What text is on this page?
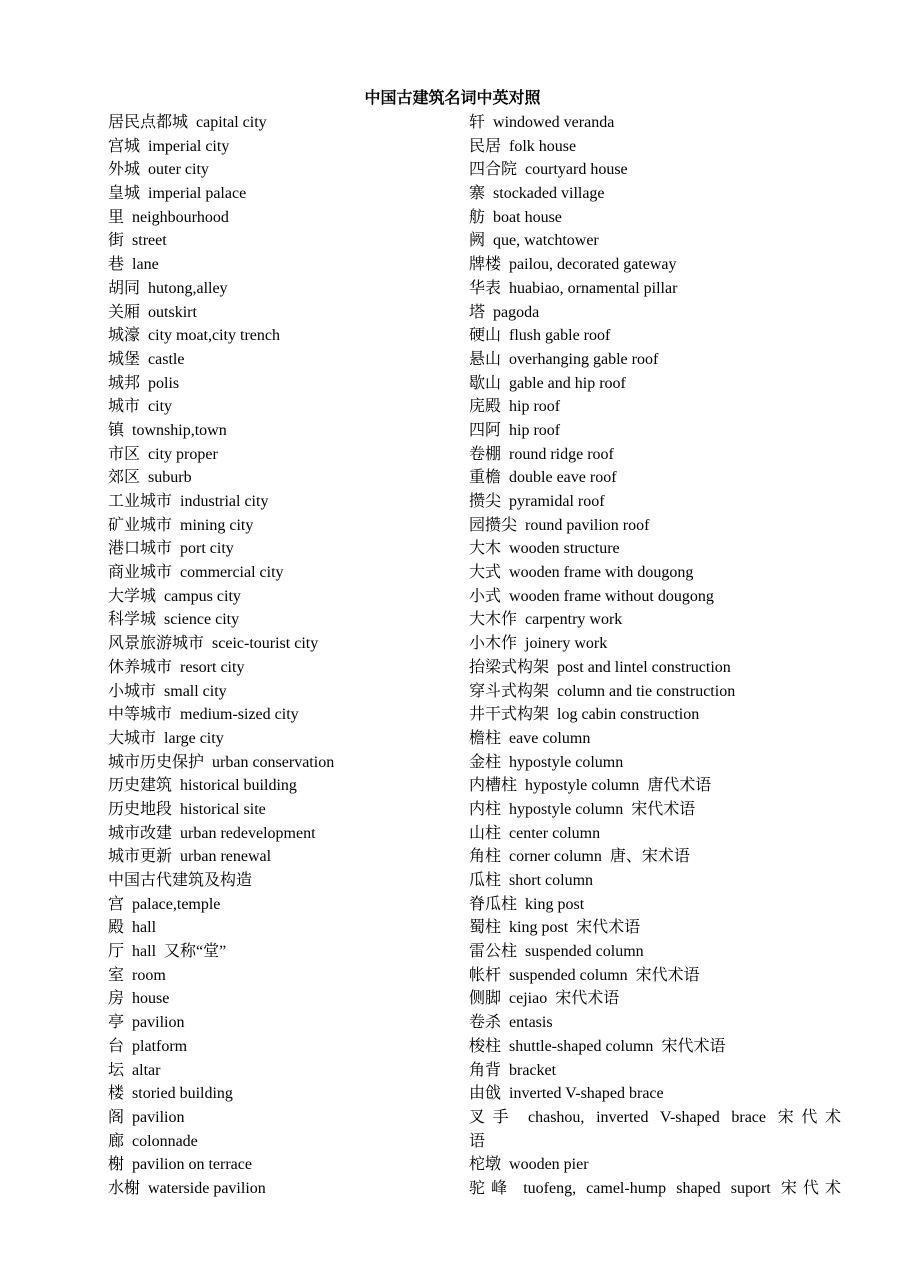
中国古建筑名词中英对照
居民点都城 capital city
宫城 imperial city
外城 outer city
皇城 imperial palace
里 neighbourhood
街 street
巷 lane
胡同 hutong,alley
关厢 outskirt
城濠 city moat,city trench
城堡 castle
城邦 polis
城市 city
镇 township,town
市区 city proper
郊区 suburb
工业城市 industrial city
矿业城市 mining city
港口城市 port city
商业城市 commercial city
大学城 campus city
科学城 science city
风景旅游城市 sceic-tourist city
休养城市 resort city
小城市 small city
中等城市 medium-sized city
大城市 large city
城市历史保护 urban conservation
历史建筑 historical building
历史地段 historical site
城市改建 urban redevelopment
城市更新 urban renewal
中国古代建筑及构造
宫 palace,temple
殿 hall
厅 hall 又称“堂”
室 room
房 house
亭 pavilion
台 platform
坛 altar
楼 storied building
阁 pavilion
廊 colonnade
榭 pavilion on terrace
水榭 waterside pavilion
轩 windowed veranda
民居 folk house
四合院 courtyard house
寨 stockaded village
舫 boat house
阙 que, watchtower
牌楼 pailou, decorated gateway
华表 huabiao, ornamental pillar
塔 pagoda
硬山 flush gable roof
悬山 overhanging gable roof
歇山 gable and hip roof
庑殿 hip roof
四阿 hip roof
卷棚 round ridge roof
重檐 double eave roof
攒尖 pyramidal roof
园攒尖 round pavilion roof
大木 wooden structure
大式 wooden frame with dougong
小式 wooden frame without dougong
大木作 carpentry work
小木作 joinery work
抬梁式构架 post and lintel construction
穿斗式构架 column and tie construction
井干式构架 log cabin construction
檐柱 eave column
金柱 hypostyle column
内槽柱 hypostyle column 唐代术语
内柱 hypostyle column 宋代术语
山柱 center column
角柱 corner column 唐、宋术语
瓜柱 short column
脊瓜柱 king post
蜀柱 king post 宋代术语
雷公柱 suspended column
帐杆 suspended column 宋代术语
侧脚 cejiao 宋代术语
卷杀 entasis
梭柱 shuttle-shaped column 宋代术语
角背 bracket
由戗 inverted V-shaped brace
叉手 chashou, inverted V-shaped brace 宋代术
语
柁墩 wooden pier
驼峰 tuofeng, camel-hump shaped suport 宋代术
